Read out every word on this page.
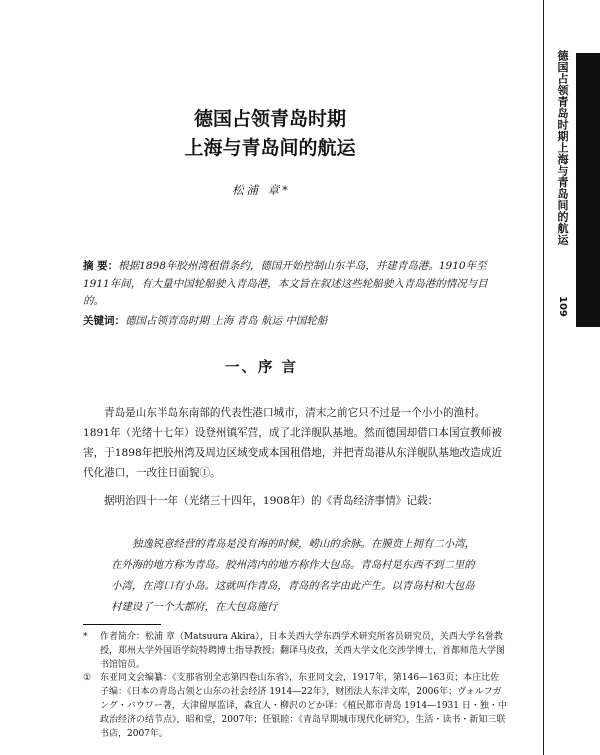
德国占领青岛时期上海与青岛间的航运
109
德国占领青岛时期
上海与青岛间的航运
松浦 章*
摘 要：根据1898年胶州湾租借条约，德国开始控制山东半岛，并建青岛港。1910年至1911年间，有大量中国轮船驶入青岛港，本文旨在叙述这些轮船驶入青岛港的情况与目的。
关键词：德国占领青岛时期 上海 青岛 航运 中国轮船
一、序 言
青岛是山东半岛东南部的代表性港口城市，清末之前它只不过是一个小小的渔村。1891年（光绪十七年）设登州镇军营，成了北洋舰队基地。然而德国却借口本国宣教师被害，于1898年把胶州湾及周边区域变成本国租借地，并把青岛港从东洋舰队基地改造成近代化港口，一改往日面貌①。
据明治四十一年（光绪三十四年，1908年）的《青岛经济事情》记载：
独逸锐意经营的青岛是没有海的时候，崂山的余脉。在膜贲上拥有二小湾，在外海的地方称为青岛。胶州湾内的地方称作大包岛。青岛村是东西不到二里的小湾，在湾口有小岛。这就叫作青岛，青岛的名字由此产生。以青岛村和大包岛村建设了一个大都府，在大包岛施行
* 作者简介：松浦 章（Matsuura Akira），日本关西大学东西学术研究所客员研究员，关西大学名誉教授，郑州大学外国语学院特聘博士指导教授；翻译马皮孜，关西大学文化交涉学博士，首都师范大学图书馆馆员。
① 东亚同文会编纂：《支那省别全志第四卷山东省》，东亚同文会，1917年，第146—163页；本庄比佐子编：《日本の青岛占领と山东の社会经济 1914—22年》，财团法人东洋文库，2006年；ヴォルフガング・バウワー著，大津留厚监译，森宜人・柳沢のどか译：《植民都市青岛 1914—1931 日・独・中政治经济の结节点》，昭和堂，2007年；任银睦：《青岛早期城市现代化研究》，生活・读书・新知三联书店，2007年。
